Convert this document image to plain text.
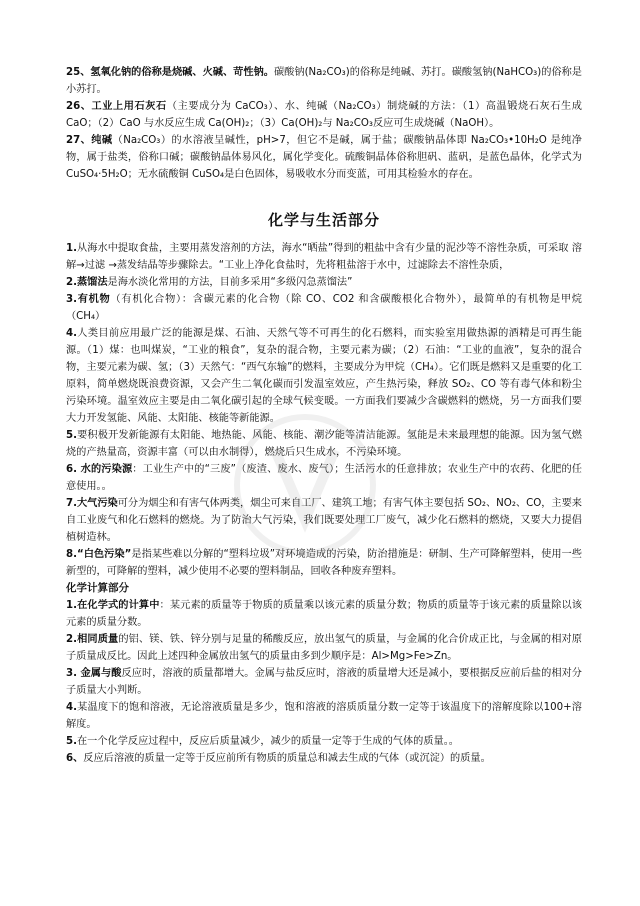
25、氢氧化钠的俗称是烧碱、火碱、苛性钠。碳酸钠(Na₂CO₃)的俗称是纯碱、苏打。碳酸氢钠(NaHCO₃)的俗称是小苏打。

26、工业上用石灰石（主要成分为 CaCO₃）、水、纯碱（Na₂CO₃）制烧碱的方法：（1）高温锻烧石灰石生成 CaO；（2）CaO 与水反应生成 Ca(OH)₂；（3）Ca(OH)₂与 Na₂CO₃反应可生成烧碱（NaOH）。

27、纯碱（Na₂CO₃）的水溶液呈碱性，pH>7，但它不是碱，属于盐；碳酸钠晶体即 Na₂CO₃•10H₂O 是纯净物，属于盐类，俗称口碱；碳酸钠晶体易风化，属化学变化。硫酸铜晶体俗称胆矾、蓝矾，是蓝色晶体，化学式为 CuSO₄·5H₂O；无水硫酸铜 CuSO₄是白色固体，易吸收水分而变蓝，可用其检验水的存在。

化学与生活部分

1.从海水中提取食盐，主要用蒸发溶剂的方法，海水“晒盐”得到的粗盐中含有少量的泥沙等不溶性杂质，可采取 溶解→过滤 →蒸发结晶等步骤除去。“工业上净化食盐时，先将粗盐溶于水中，过滤除去不溶性杂质，

2.蒸馏法是海水淡化常用的方法，目前多采用“多级闪急蒸馏法”

3.有机物（有机化合物）：含碳元素的化合物（除 CO、CO2 和含碳酸根化合物外），最简单的有机物是甲烷（CH₄）

4.人类目前应用最广泛的能源是煤、石油、天然气等不可再生的化石燃料，而实验室用做热源的酒精是可再生能源。（1）煤：也叫煤炭，“工业的粮食”，复杂的混合物，主要元素为碳；（2）石油：“工业的血液”，复杂的混合物，主要元素为碳、氢；（3）天然气：“西气东输”的燃料，主要成分为甲烷（CH₄）。它们既是燃料又是重要的化工原料，简单燃烧既浪费资源，又会产生二氧化碳而引发温室效应，产生热污染，释放 SO₂、CO 等有毒气体和粉尘污染环境。温室效应主要是由二氧化碳引起的全球气候变暖。一方面我们要减少含碳燃料的燃烧，另一方面我们要大力开发氢能、风能、太阳能、核能等新能源。

5.要积极开发新能源有太阳能、地热能、风能、核能、潮汐能等清洁能源。氢能是未来最理想的能源。因为氢气燃烧的产热量高，资源丰富（可以由水制得），燃烧后只生成水，不污染环境。

6. 水的污染源：工业生产中的“三废”（废渣、废水、废气）；生活污水的任意排放；农业生产中的农药、化肥的任意使用。。

7.大气污染可分为烟尘和有害气体两类，烟尘可来自工厂、建筑工地；有害气体主要包括 SO₂、NO₂、CO，主要来自工业废气和化石燃料的燃烧。为了防治大气污染，我们既要处理工厂废气，减少化石燃料的燃烧，又要大力提倡植树造林。

8.“白色污染”是指某些难以分解的“塑料垃圾”对环境造成的污染，防治措施是：研制、生产可降解塑料，使用一些新型的，可降解的塑料，减少使用不必要的塑料制品，回收各种废弃塑料。

化学计算部分

1.在化学式的计算中：某元素的质量等于物质的质量乘以该元素的质量分数；物质的质量等于该元素的质量除以该元素的质量分数。

2.相同质量的铝、镁、铁、锌分别与足量的稀酸反应，放出氢气的质量，与金属的化合价成正比，与金属的相对原子质量成反比。因此上述四种金属放出氢气的质量由多到少顺序是：Al>Mg>Fe>Zn。

3. 金属与酸反应时，溶液的质量都增大。金属与盐反应时，溶液的质量增大还是减小，要根据反应前后盐的相对分子质量大小判断。

4.某温度下的饱和溶液，无论溶液质量是多少，饱和溶液的溶质质量分数一定等于该温度下的溶解度除以100+溶解度。

5.在一个化学反应过程中，反应后质量减少，减少的质量一定等于生成的气体的质量。。

6、反应后溶液的质量一定等于反应前所有物质的质量总和减去生成的气体（或沉淀）的质量。
